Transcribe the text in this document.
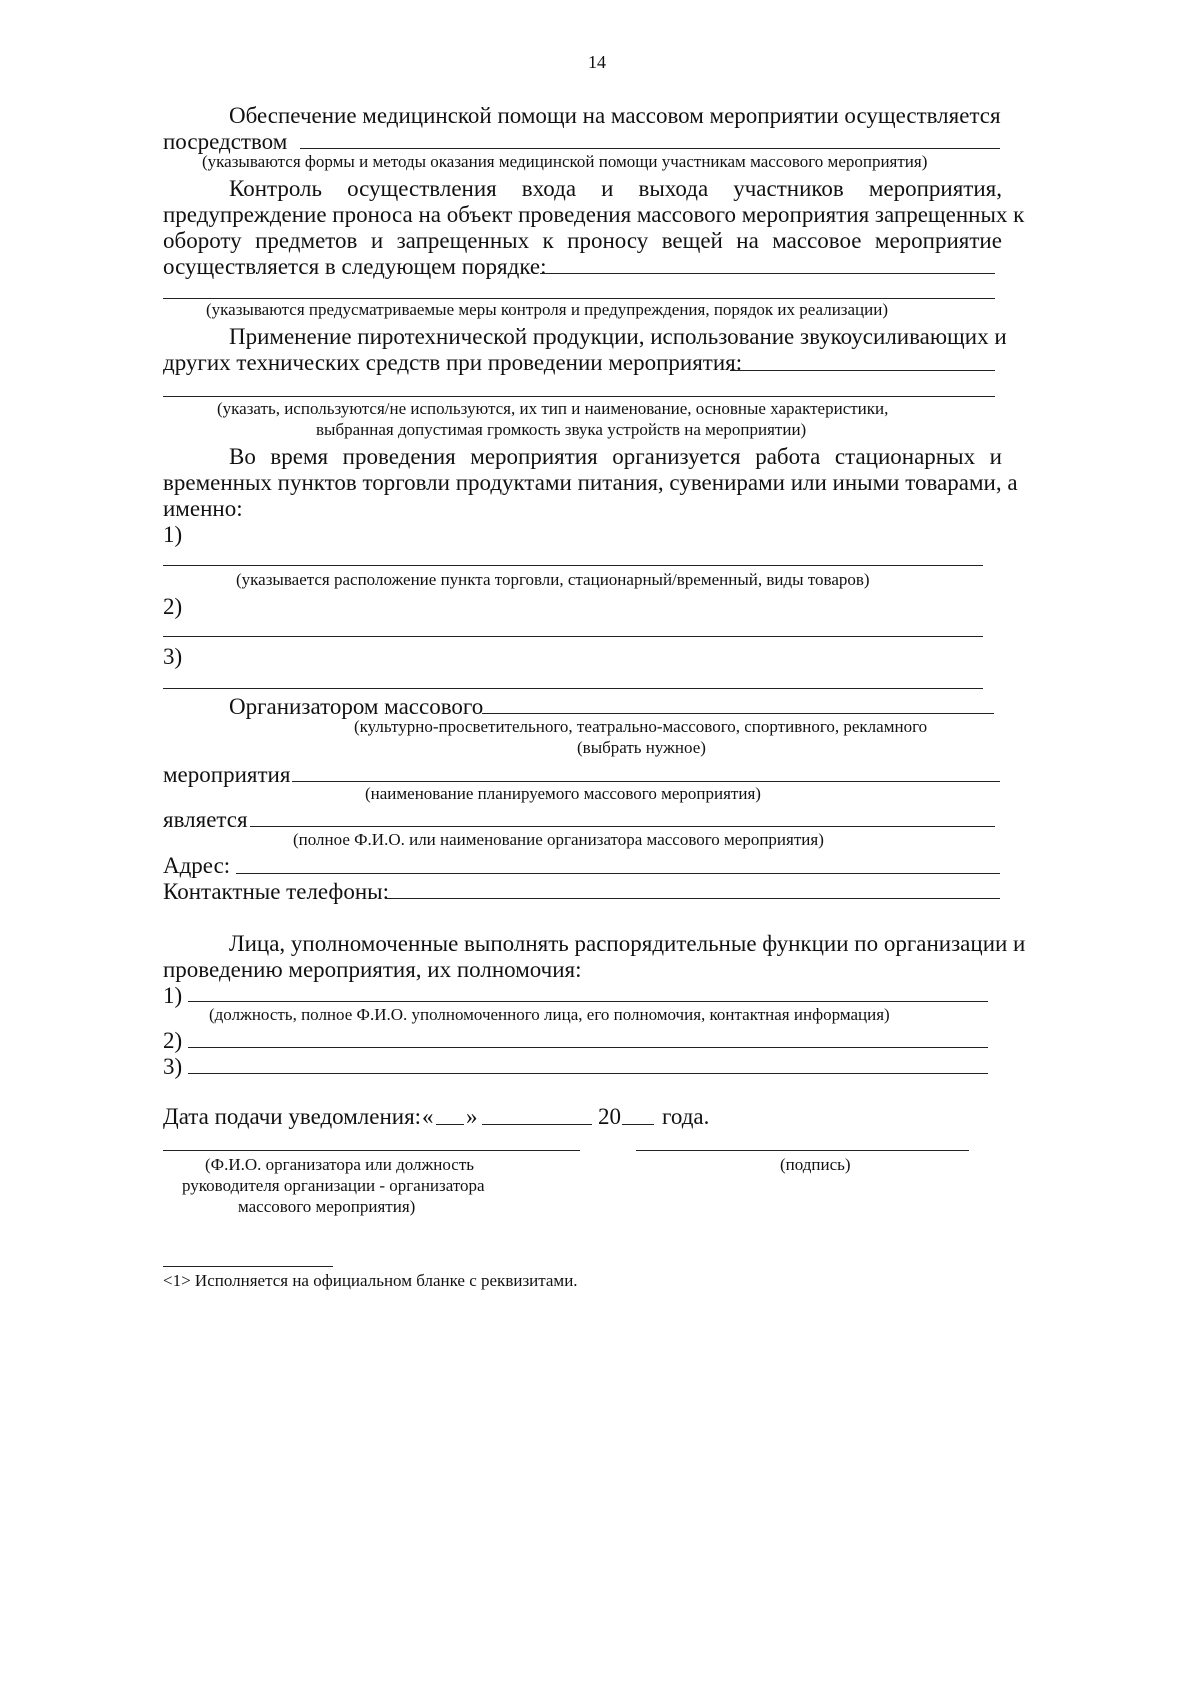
14
Обеспечение медицинской помощи на массовом мероприятии осуществляется
посредством
(указываются формы и методы оказания медицинской помощи участникам массового мероприятия)
Контроль осуществления входа и выхода участников мероприятия,
предупреждение проноса на объект проведения массового мероприятия запрещенных к
обороту предметов и запрещенных к проносу вещей на массовое мероприятие
осуществляется в следующем порядке:
(указываются предусматриваемые меры контроля и предупреждения, порядок их реализации)
Применение пиротехнической продукции, использование звукоусиливающих и
других технических средств при проведении мероприятия:
(указать, используются/не используются, их тип и наименование, основные характеристики,
выбранная допустимая громкость звука устройств на мероприятии)
Во время проведения мероприятия организуется работа стационарных и
временных пунктов торговли продуктами питания, сувенирами или иными товарами, а
именно:
1)
(указывается расположение пункта торговли, стационарный/временный, виды товаров)
2)
3)
Организатором массового
(культурно-просветительного, театрально-массового, спортивного, рекламного
(выбрать нужное)
мероприятия
(наименование планируемого массового мероприятия)
является
(полное Ф.И.О. или наименование организатора массового мероприятия)
Адрес:
Контактные телефоны:
Лица, уполномоченные выполнять распорядительные функции по организации и
проведению мероприятия, их полномочия:
1)
(должность, полное Ф.И.О. уполномоченного лица, его полномочия, контактная информация)
2)
3)
Дата подачи уведомления: « »	20 года.
(Ф.И.О. организатора или должность
руководителя организации - организатора
массового мероприятия)
(подпись)
<1> Исполняется на официальном бланке с реквизитами.
